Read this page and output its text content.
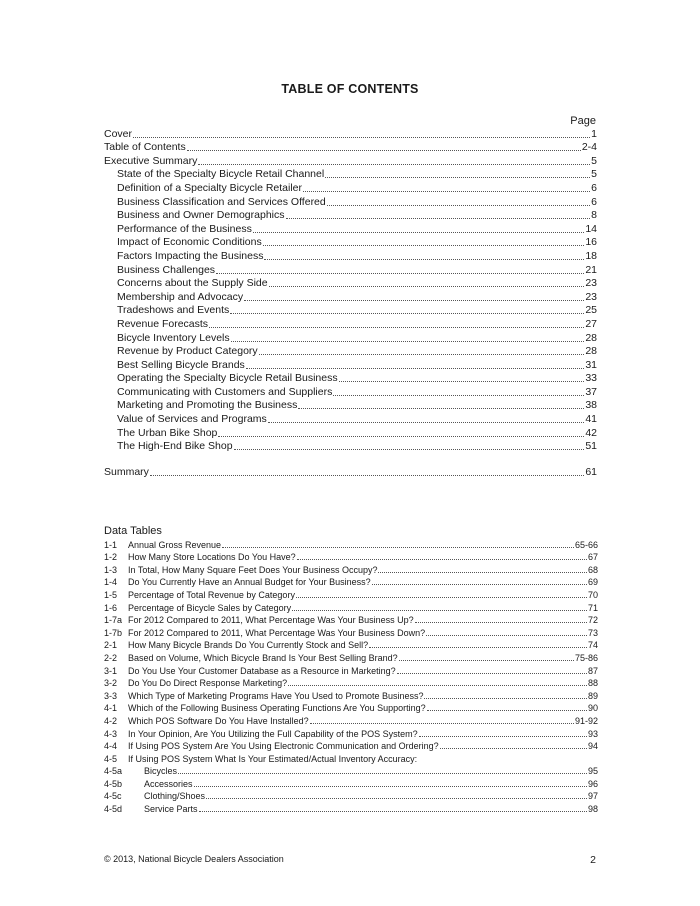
TABLE OF CONTENTS
Page
Cover	1
Table of Contents	2-4
Executive Summary	5
State of the Specialty Bicycle Retail Channel	5
Definition of a Specialty Bicycle Retailer	6
Business Classification and Services Offered	6
Business and Owner Demographics	8
Performance of the Business	14
Impact of Economic Conditions	16
Factors Impacting the Business	18
Business Challenges	21
Concerns about the Supply Side	23
Membership and Advocacy	23
Tradeshows and Events	25
Revenue Forecasts	27
Bicycle Inventory Levels	28
Revenue by Product Category	28
Best Selling Bicycle Brands	31
Operating the Specialty Bicycle Retail Business	33
Communicating with Customers and Suppliers	37
Marketing and Promoting the Business	38
Value of Services and Programs	41
The Urban Bike Shop	42
The High-End Bike Shop	51
Summary	61
Data Tables
1-1	Annual Gross Revenue	65-66
1-2	How Many Store Locations Do You Have?	67
1-3	In Total, How Many Square Feet Does Your Business Occupy?	68
1-4	Do You Currently Have an Annual Budget for Your Business?	69
1-5	Percentage of Total Revenue by Category	70
1-6	Percentage of Bicycle Sales by Category	71
1-7a For 2012 Compared to 2011, What Percentage Was Your Business Up?	72
1-7b For 2012 Compared to 2011, What Percentage Was Your Business Down?	73
2-1	How Many Bicycle Brands Do You Currently Stock and Sell?	74
2-2	Based on Volume, Which Bicycle Brand Is Your Best Selling Brand?	75-86
3-1	Do You Use Your Customer Database as a Resource in Marketing?	87
3-2	Do You Do Direct Response Marketing?	88
3-3	Which Type of Marketing Programs Have You Used to Promote Business?	89
4-1	Which of the Following Business Operating Functions Are You Supporting?	90
4-2	Which POS Software Do You Have Installed?	91-92
4-3	In Your Opinion, Are You Utilizing the Full Capability of the POS System?	93
4-4	If Using POS System Are You Using Electronic Communication and Ordering?	94
4-5	If Using POS System What Is Your Estimated/Actual Inventory Accuracy:
4-5a	Bicycles	95
4-5b	Accessories	96
4-5c	Clothing/Shoes	97
4-5d	Service Parts	98
© 2013, National Bicycle Dealers Association	2
